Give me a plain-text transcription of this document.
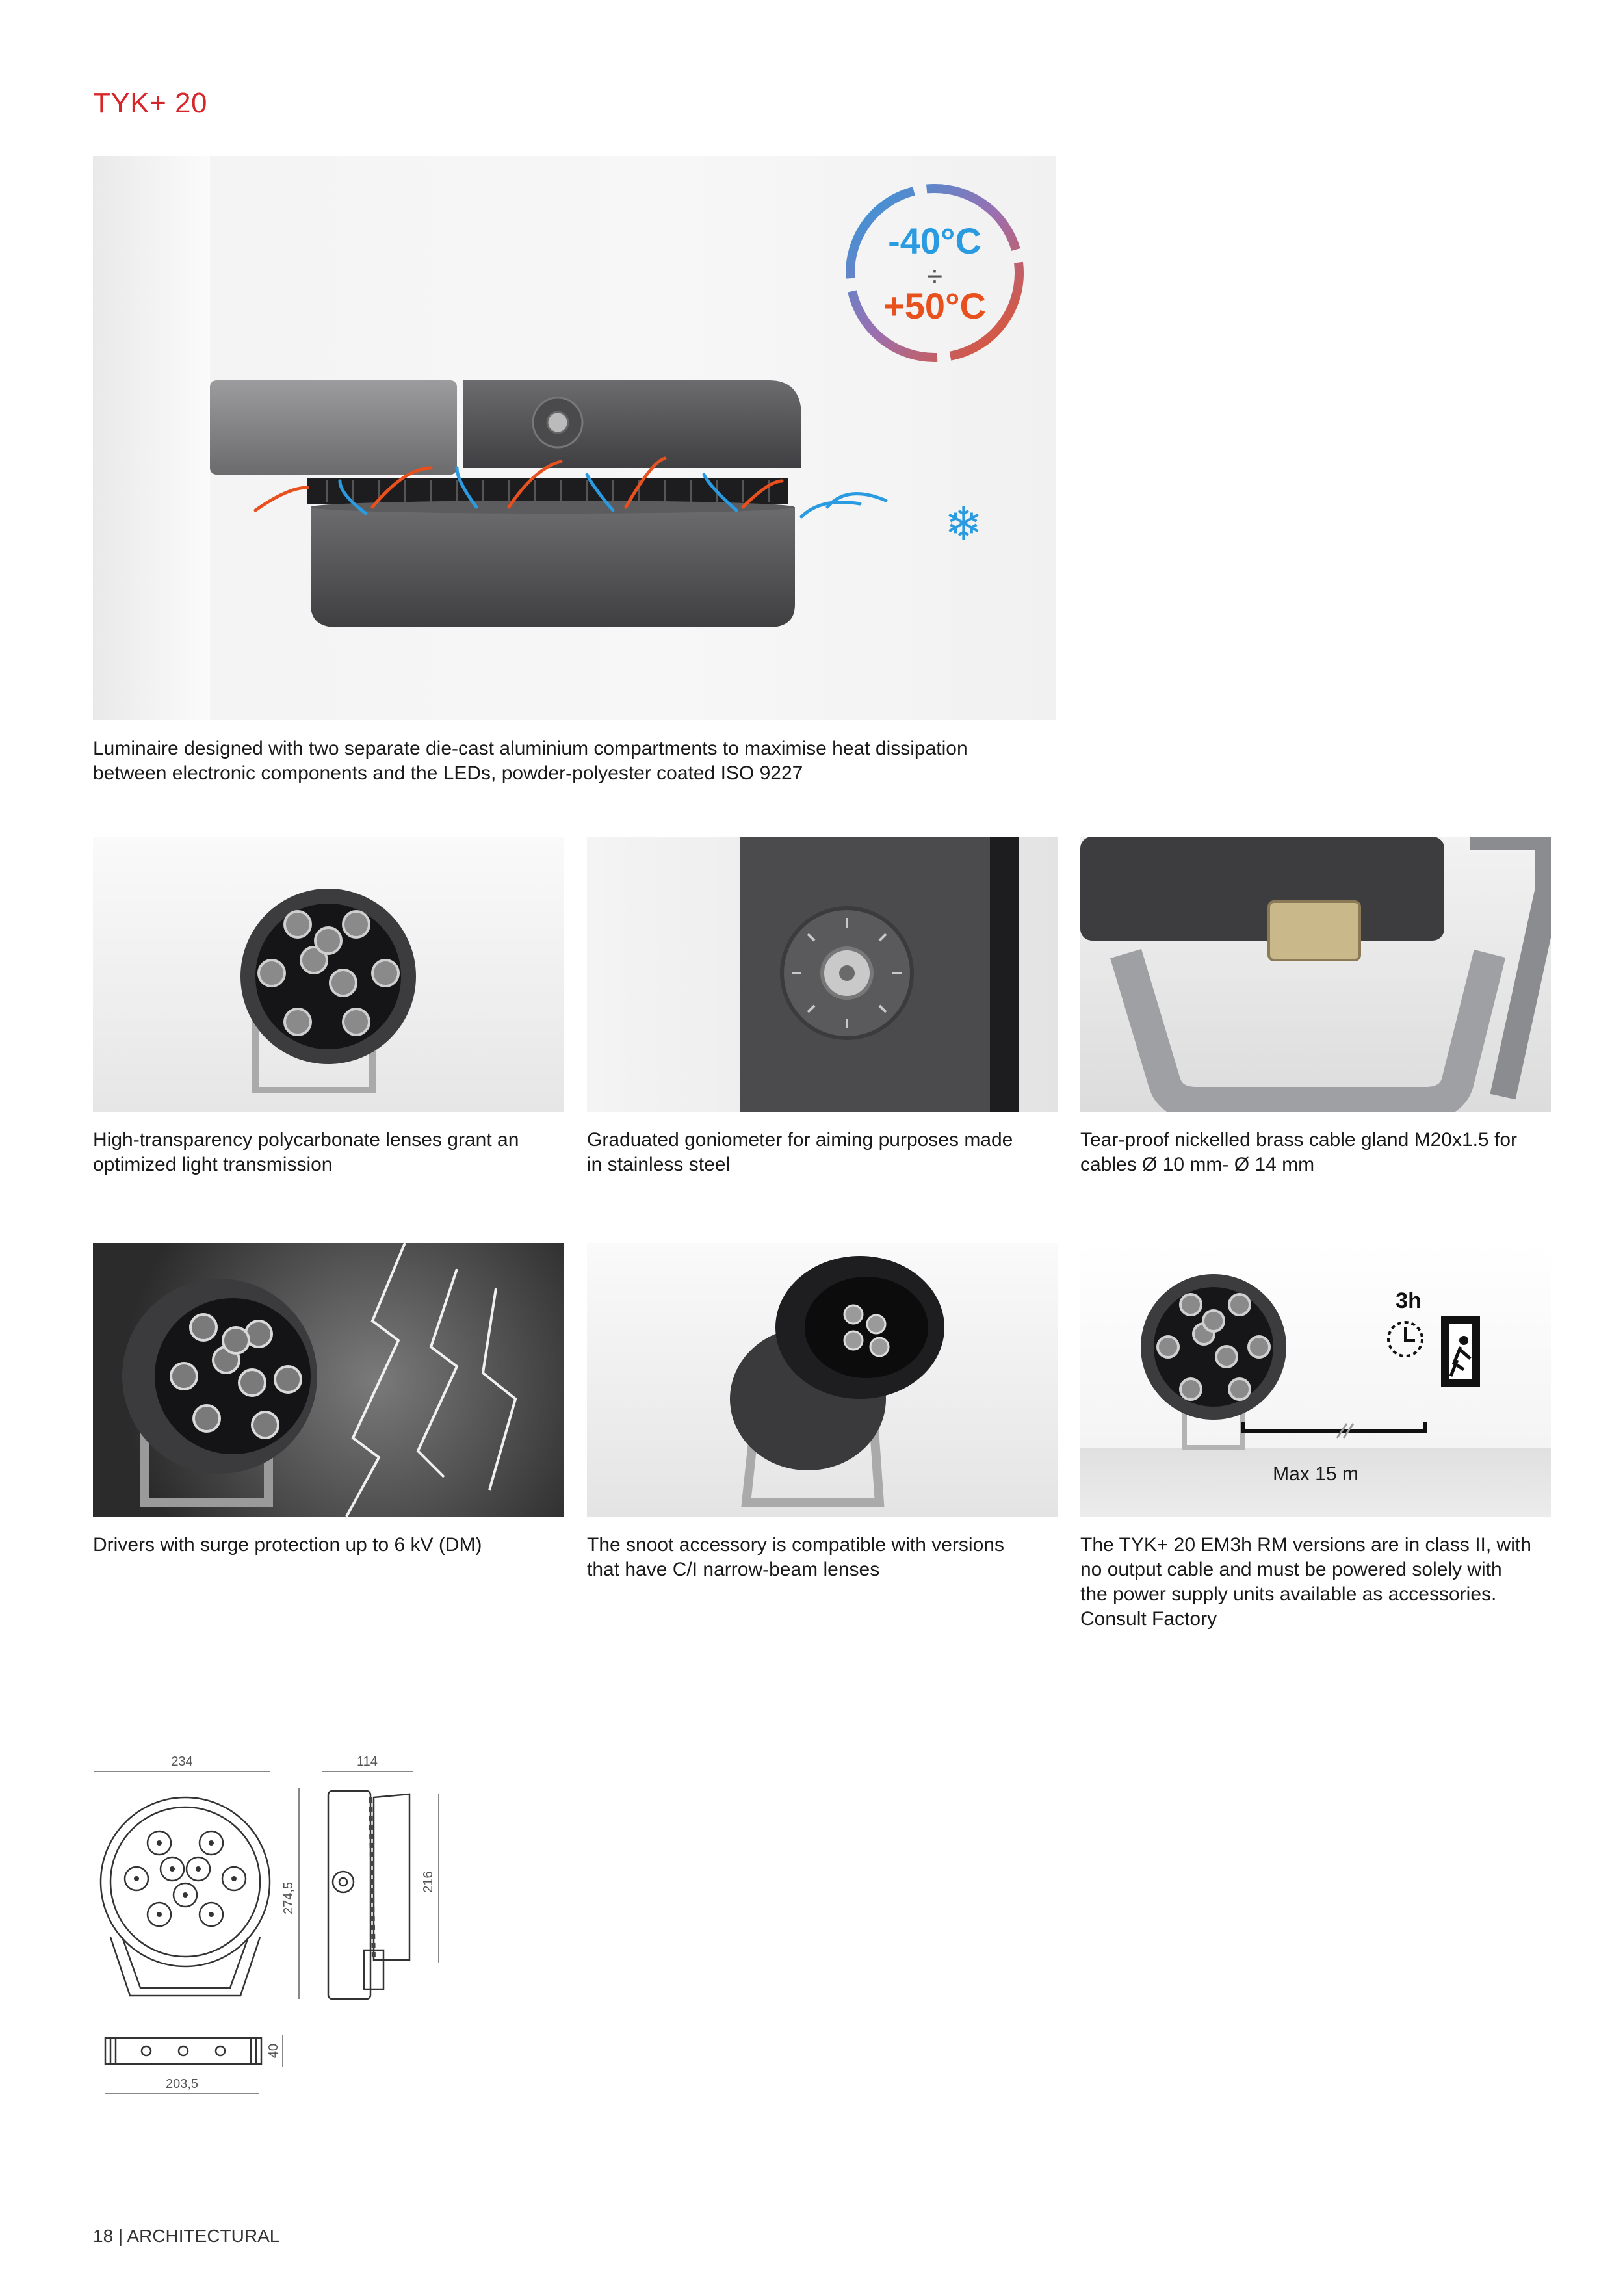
TYK+ 20
❄
-40°C
÷
+50°C
Luminaire designed with two separate die-cast aluminium compartments to maximise heat dissipation
between electronic components and the LEDs, powder-polyester coated ISO 9227
High-transparency polycarbonate lenses grant an
optimized light transmission
Graduated goniometer for aiming purposes made
in stainless steel
Tear-proof nickelled brass cable gland M20x1.5 for
cables Ø 10 mm- Ø 14 mm
3h
Max 15 m
Drivers with surge protection up to 6 kV (DM)	The snoot accessory is compatible with versions
that have C/I narrow-beam lenses
The TYK+ 20 EM3h RM versions are in class II, with
no output cable and must be powered solely with
the power supply units available as accessories.
Consult Factory
234
274,5
114
216
40
203,5
18 | ARCHITECTURAL
